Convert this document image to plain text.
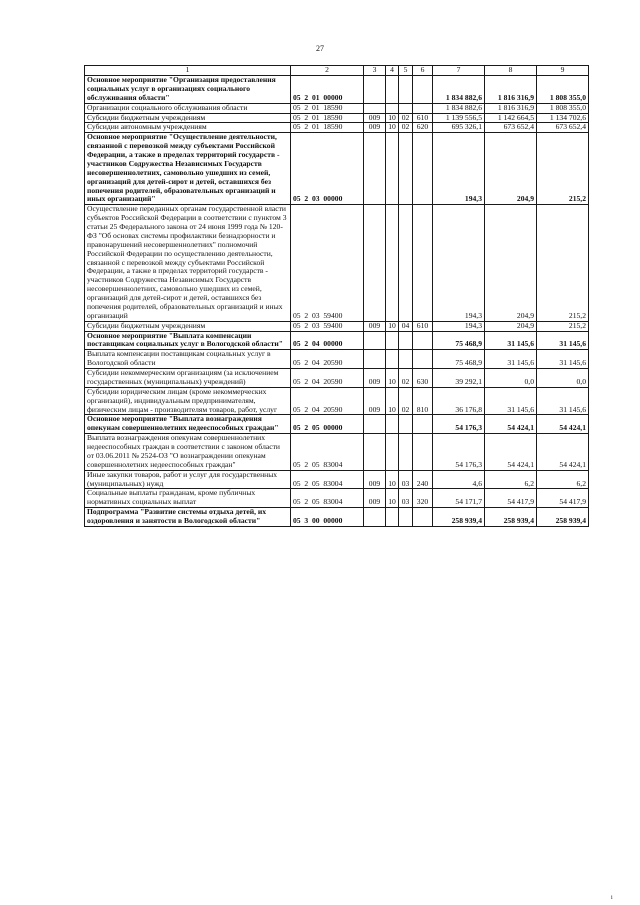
27
1	2	3	4	5	6	7	8	9
Основное мероприятие "Организация предоставления социальных услуг в организациях социального обслуживания области"	05  2  01  00000					1 834 882,6	1 816 316,9	1 808 355,0
Организации социального обслуживания области	05  2  01  18590					1 834 882,6	1 816 316,9	1 808 355,0
Субсидии бюджетным учреждениям	05  2  01  18590	009	10	02	610	1 139 556,5	1 142 664,5	1 134 702,6
Субсидии автономным учреждениям	05  2  01  18590	009	10	02	620	695 326,1	673 652,4	673 652,4
Основное мероприятие "Осуществление деятельности, связанной с перевозкой между субъектами Российской Федерации, а также в пределах территорий государств - участников Содружества Независимых Государств несовершеннолетних, самовольно ушедших из семей, организаций для детей-сирот и детей, оставшихся без попечения родителей, образовательных организаций и иных организаций"	05  2  03  00000					194,3	204,9	215,2
Осуществление переданных органам государственной власти субъектов Российской Федерации в соответствии с пунктом 3 статьи 25 Федерального закона от 24 июня 1999 года № 120-ФЗ "Об основах системы профилактики безнадзорности и правонарушений несовершеннолетних" полномочий Российской Федерации по осуществлению деятельности, связанной с перевозкой между субъектами Российской Федерации, а также в пределах территорий государств - участников Содружества Независимых Государств несовершеннолетних, самовольно ушедших из семей, организаций для детей-сирот и детей, оставшихся без попечения родителей, образовательных организаций и иных организаций	05  2  03  59400					194,3	204,9	215,2
Субсидии бюджетным учреждениям	05  2  03  59400	009	10	04	610	194,3	204,9	215,2
Основное мероприятие "Выплата компенсации поставщикам социальных услуг в Вологодской области"	05  2  04  00000					75 468,9	31 145,6	31 145,6
Выплата компенсации поставщикам социальных услуг в Вологодской области	05  2  04  20590					75 468,9	31 145,6	31 145,6
Субсидии некоммерческим организациям (за исключением государственных (муниципальных) учреждений)	05  2  04  20590	009	10	02	630	39 292,1	0,0	0,0
Субсидии юридическим лицам (кроме некоммерческих организаций), индивидуальным предпринимателям, физическим лицам - производителям товаров, работ, услуг	05  2  04  20590	009	10	02	810	36 176,8	31 145,6	31 145,6
Основное мероприятие "Выплата вознаграждения опекунам совершеннолетних недееспособных граждан"	05  2  05  00000					54 176,3	54 424,1	54 424,1
Выплата вознаграждения опекунам совершеннолетних недееспособных граждан в соответствии с законом области от 03.06.2011 № 2524-ОЗ "О вознаграждении опекунам совершеннолетних недееспособных граждан"	05  2  05  83004					54 176,3	54 424,1	54 424,1
Иные закупки товаров, работ и услуг для государственных (муниципальных) нужд	05  2  05  83004	009	10	03	240	4,6	6,2	6,2
Социальные выплаты гражданам, кроме публичных нормативных социальных выплат	05  2  05  83004	009	10	03	320	54 171,7	54 417,9	54 417,9
Подпрограмма "Развитие системы отдыха детей, их оздоровления и занятости в Вологодской области"	05  3  00  00000					258 939,4	258 939,4	258 939,4
i
